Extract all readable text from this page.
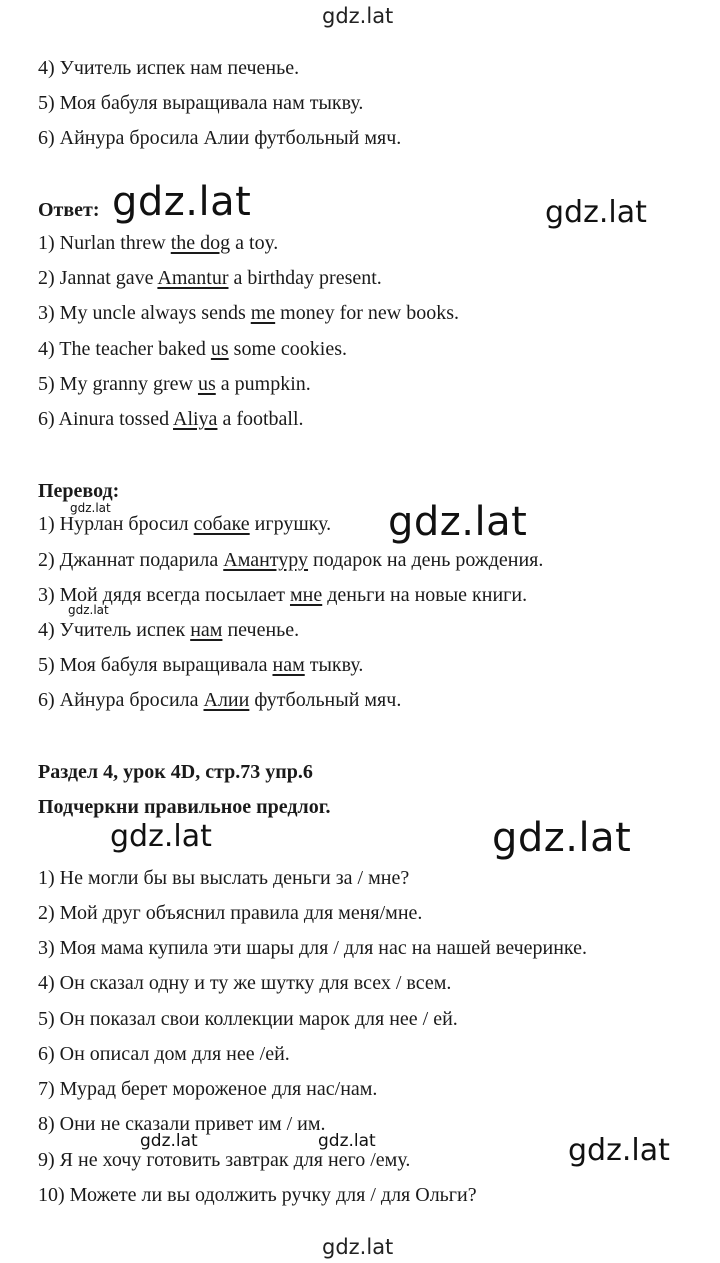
gdz.lat
gdz.lat	gdz.lat
gdz.lat	gdz.lat
gdz.lat
gdz.lat	gdz.lat
gdz.lat	gdz.lat	gdz.lat
gdz.lat
4) Учитель испек нам печенье.
5) Моя бабуля выращивала нам тыкву.
6) Айнура бросила Алии футбольный мяч.
Ответ:
1) Nurlan threw the dog a toy.
2) Jannat gave Amantur a birthday present.
3) My uncle always sends me money for new books.
4) The teacher baked us some cookies.
5) My granny grew us a pumpkin.
6) Ainura tossed Aliya a football.
Перевод:
1) Нурлан бросил собаке игрушку.
2) Джаннат подарила Амантуру подарок на день рождения.
3) Мой дядя всегда посылает мне деньги на новые книги.
4) Учитель испек нам печенье.
5) Моя бабуля выращивала нам тыкву.
6) Айнура бросила Алии футбольный мяч.
Раздел 4, урок 4D, стр.73 упр.6
Подчеркни правильное предлог.
1) Не могли бы вы выслать деньги за / мне?
2) Мой друг объяснил правила для меня/мне.
3) Моя мама купила эти шары для / для нас на нашей вечеринке.
4) Он сказал одну и ту же шутку для всех / всем.
5) Он показал свои коллекции марок для нее / ей.
6) Он описал дом для нее /ей.
7) Мурад берет мороженое для нас/нам.
8) Они не сказали привет им / им.
9) Я не хочу готовить завтрак для него /ему.
10) Можете ли вы одолжить ручку для / для Ольги?
